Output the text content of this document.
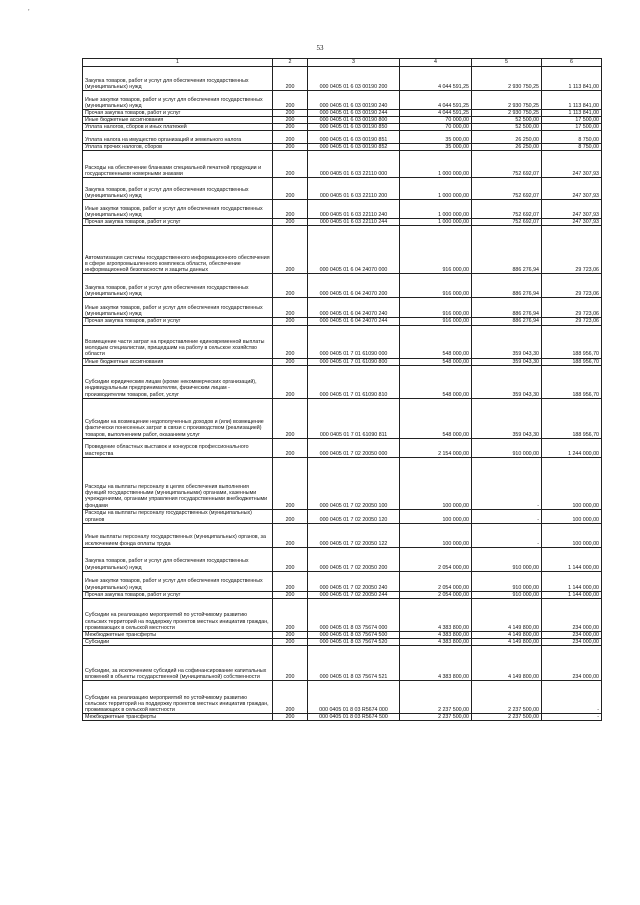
’
53
1	2	3	4	5	6

Закупка товаров, работ и услуг для обеспечения государственных (муниципальных) нужд	200	000 0405 01 6 03 00190 200	4 044 591,25	2 930 750,25	1 113 841,00

Иные закупки товаров, работ и услуг для обеспечения государственных (муниципальных) нужд	200	000 0405 01 6 03 00190 240	4 044 591,25	2 930 750,25	1 113 841,00

Прочая закупка товаров, работ и услуг	200	000 0405 01 6 03 00190 244	4 044 591,25	2 930 750,25	1 113 841,00

Иные бюджетные ассигнования	200	000 0405 01 6 03 00190 800	70 000,00	52 500,00	17 500,00

Уплата налогов, сборов и иных платежей	200	000 0405 01 6 03 00190 850	70 000,00	52 500,00	17 500,00

Уплата налога на имущество организаций и земельного налога	200	000 0405 01 6 03 00190 851	35 000,00	26 250,00	8 750,00

Уплата прочих налогов, сборов	200	000 0405 01 6 03 00190 852	35 000,00	26 250,00	8 750,00

Расходы на обеспечение бланками специальной печатной продукции и государственными номерными знаками	200	000 0405 01 6 03 22110 000	1 000 000,00	752 692,07	247 307,93

Закупка товаров, работ и услуг для обеспечения государственных (муниципальных) нужд	200	000 0405 01 6 03 22110 200	1 000 000,00	752 692,07	247 307,93

Иные закупки товаров, работ и услуг для обеспечения государственных (муниципальных) нужд	200	000 0405 01 6 03 22110 240	1 000 000,00	752 692,07	247 307,93

Прочая закупка товаров, работ и услуг	200	000 0405 01 6 03 22110 244	1 000 000,00	752 692,07	247 307,93

Автоматизация системы государственного информационного обеспечения в сфере агропромышленного комплекса области, обеспечение информационной безопасности и защиты данных	200	000 0405 01 6 04 24070 000	916 000,00	886 276,94	29 723,06

Закупка товаров, работ и услуг для обеспечения государственных (муниципальных) нужд	200	000 0405 01 6 04 24070 200	916 000,00	886 276,94	29 723,06

Иные закупки товаров, работ и услуг для обеспечения государственных (муниципальных) нужд	200	000 0405 01 6 04 24070 240	916 000,00	886 276,94	29 723,06

Прочая закупка товаров, работ и услуг	200	000 0405 01 6 04 24070 244	916 000,00	886 276,94	29 723,06

Возмещение части затрат на предоставление единовременной выплаты молодым специалистам, прищедшим на работу в сельское хозяйство области	200	000 0405 01 7 01 61090 000	548 000,00	359 043,30	188 956,70

Иные бюджетные ассигнования	200	000 0405 01 7 01 61090 800	548 000,00	359 043,30	188 956,70

Субсидии юридическим лицам (кроме некоммерческих организаций), индивидуальным предпринимателям, физическим лицам - производителям товаров, работ, услуг	200	000 0405 01 7 01 61090 810	548 000,00	359 043,30	188 956,70

Субсидии на возмещение недополученных доходов и (или) возмещение фактически понесенных затрат в связи с производством (реализацией) товаров, выполнением работ, оказанием услуг	200	000 0405 01 7 01 61090 811	548 000,00	359 043,30	188 956,70

Проведение областных выставок и конкурсов профессионального мастерства	200	000 0405 01 7 02 20050 000	2 154 000,00	910 000,00	1 244 000,00

Расходы на выплаты персоналу в целях обеспечения выполнения функций государственными (муниципальными) органами, казенными учреждениями, органами управления государственными внебюджетными фондами	200	000 0405 01 7 02 20050 100	100 000,00	-	100 000,00

Расходы на выплаты персоналу государственных (муниципальных) органов	200	000 0405 01 7 02 20050 120	100 000,00	-	100 000,00

Иные выплаты персоналу государственных (муниципальных) органов, за исключением фонда оплаты труда	200	000 0405 01 7 02 20050 122	100 000,00	-	100 000,00

Закупка товаров, работ и услуг для обеспечения государственных (муниципальных) нужд	200	000 0405 01 7 02 20050 200	2 054 000,00	910 000,00	1 144 000,00

Иные закупки товаров, работ и услуг для обеспечения государственных (муниципальных) нужд	200	000 0405 01 7 02 20050 240	2 054 000,00	910 000,00	1 144 000,00

Прочая закупка товаров, работ и услуг	200	000 0405 01 7 02 20050 244	2 054 000,00	910 000,00	1 144 000,00

Субсидии на реализацию мероприятий по устойчивому развитию сельских территорий на поддержку проектов местных инициатив граждан, проживающих в сельской местности	200	000 0405 01 8 03 75674 000	4 383 800,00	4 149 800,00	234 000,00

Межбюджетные трансферты	200	000 0405 01 8 03 75674 500	4 383 800,00	4 149 800,00	234 000,00

Субсидии	200	000 0405 01 8 03 75674 520	4 383 800,00	4 149 800,00	234 000,00

Субсидии, за исключением субсидий на софинансирование капитальных вложений в объекты государственной (муниципальной) собственности	200	000 0405 01 8 03 75674 521	4 383 800,00	4 149 800,00	234 000,00

Субсидии на реализацию мероприятий по устойчивому развитию сельских территорий на поддержку проектов местных инициатив граждан, проживающих в сельской местности	200	000 0405 01 8 03 R5674 000	2 237 500,00	2 237 500,00	-

Межбюджетные трансферты	200	000 0405 01 8 03 R5674 500	2 237 500,00	2 237 500,00	-
